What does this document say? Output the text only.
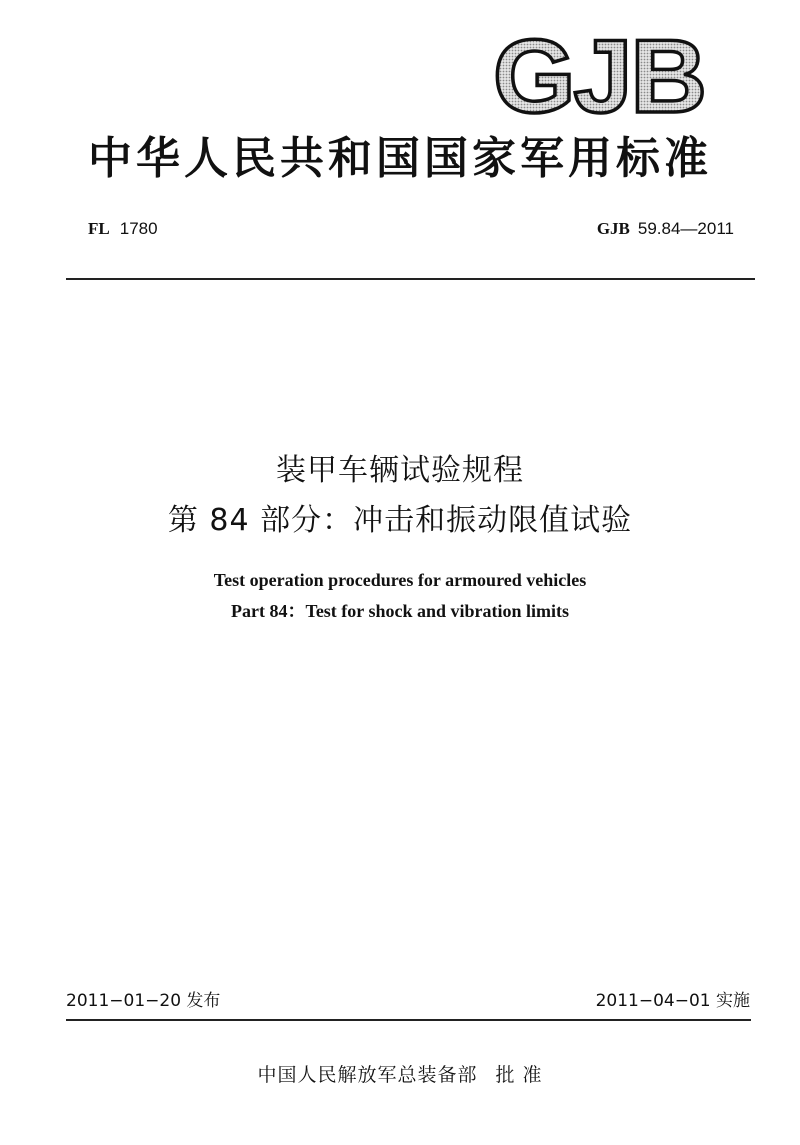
GJB
中华人民共和国国家军用标准
FL 1780	GJB 59.84—2011
装甲车辆试验规程
第 84 部分：冲击和振动限值试验
Test operation procedures for armoured vehicles
Part 84：Test for shock and vibration limits
2011−01−20 发布	2011−04−01 实施
中国人民解放军总装备部 批 准
